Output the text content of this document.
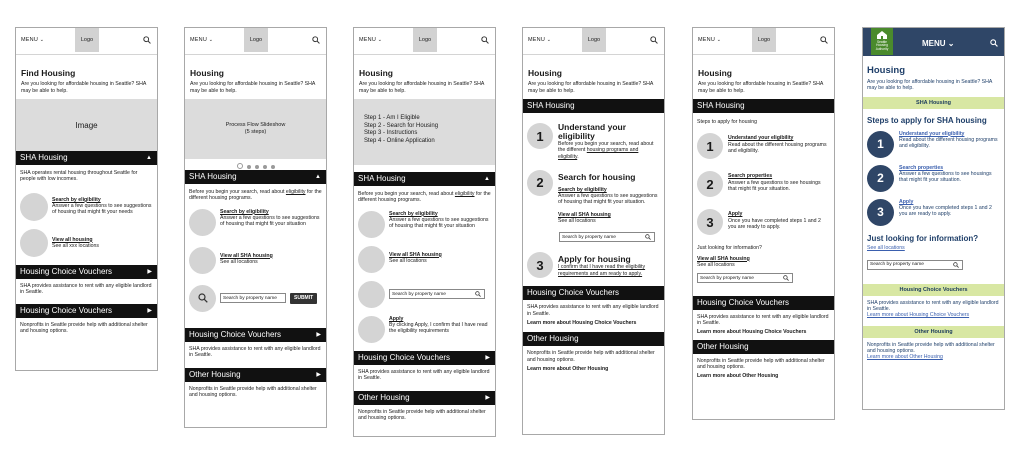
MENU ⌄	Logo
Find Housing
Are you looking for affordable housing in Seattle? SHA may be able to help.
Image
SHA Housing	▲
SHA operates rental housing throughout Seattle for people with low incomes.
Search by eligibility
Answer a few questions to see suggestions of housing that might fit your needs
View all housing
See all xxx locations
Housing Choice Vouchers	▶
SHA provides assistance to rent with any eligible landlord in Seattle.
Housing Choice Vouchers	▶
Nonprofits in Seattle provide help with additional shelter and housing options.
MENU ⌄	Logo
Housing
Are you looking for affordable housing in Seattle? SHA may be able to help.
Process Flow Slideshow
(5 steps)
SHA Housing	▲
Before you begin your search, read about eligibility for the different housing programs.
Search by eligibility
Answer a few questions to see suggestions of housing that might fit your situation
View all SHA housing
See all locations
Search by property name	SUBMIT
Housing Choice Vouchers	▶
SHA provides assistance to rent with any eligible landlord in Seattle.
Other Housing	▶
Nonprofits in Seattle provide help with additional shelter and housing options.
MENU ⌄	Logo
Housing
Are you looking for affordable housing in Seattle? SHA may be able to help.
Step 1 - Am I Eligible
Step 2 - Search for Housing
Step 3 - Instructions
Step 4 - Online Application
SHA Housing	▲
Before you begin your search, read about eligibility for the different housing programs.
Search by eligibility
Answer a few questions to see suggestions of housing that might fit your situation
View all SHA housing
See all locations
Search by property name
Apply
By clicking Apply, I confirm that I have read the eligibility requirements
Housing Choice Vouchers	▶
SHA provides assistance to rent with any eligible landlord in Seattle.
Other Housing	▶
Nonprofits in Seattle provide help with additional shelter and housing options.
MENU ⌄	Logo
Housing
Are you looking for affordable housing in Seattle? SHA may be able to help.
SHA Housing
1
Understand your eligibility
Before you begin your search, read about the different housing programs and eligibility.
2	Search for housing
Search by eligibility
Answer a few questions to see suggestions of housing that might fit your situation.
View all SHA housing
See all locations
Search by property name
3	Apply for housing
I confirm that I have read the eligibility requirements and am ready to apply.
Housing Choice Vouchers
SHA provides assistance to rent with any eligible landlord in Seattle.
Learn more about Housing Choice Vouchers
Other Housing
Nonprofits in Seattle provide help with additional shelter and housing options.
Learn more about Other Housing
MENU ⌄	Logo
Housing
Are you looking for affordable housing in Seattle? SHA may be able to help.
SHA Housing
Steps to apply for housing
1
Understand your eligibility
Read about the different housing programs and eligibility.
2
Search properties
Answer a few questions to see housings that might fit your situation.
3
Apply
Once you have completed steps 1 and 2 you are ready to apply.
Just looking for information?
View all SHA housing
See all locations
Search by property name
Housing Choice Vouchers
SHA provides assistance to rent with any eligible landlord in Seattle.
Learn more about Housing Choice Vouchers
Other Housing
Nonprofits in Seattle provide help with additional shelter and housing options.
Learn more about Other Housing
Seattle Housing Authority
MENU ⌄
Housing
Are you looking for affordable housing in Seattle? SHA may be able to help.
SHA Housing
Steps to apply for SHA housing
1
Understand your eligibility
Read about the different housing programs and eligibility.
2
Search properties
Answer a few questions to see housings that might fit your situation.
3
Apply
Once you have completed steps 1 and 2 you are ready to apply.
Just looking for information?
See all locations
Search by property name
Housing Choice Vouchers
SHA provides assistance to rent with any eligible landlord in Seattle.
Learn more about Housing Choice Vouchers
Other Housing
Nonprofits in Seattle provide help with additional shelter and housing options.
Learn more about Other Housing
